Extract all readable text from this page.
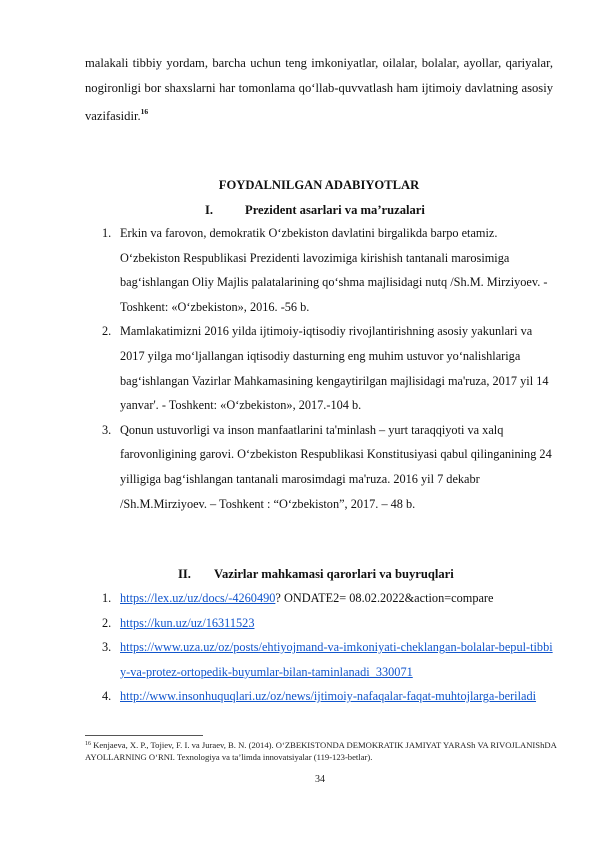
malakali tibbiy yordam, barcha uchun teng imkoniyatlar, oilalar, bolalar, ayollar, qariyalar, nogironligi bor shaxslarni har tomonlama qo‘llab-quvvatlash ham ijtimoiy davlatning asosiy vazifasidir.$^{16}$

FOYDALNILGAN ADABIYOTLAR
I.	Prezident asarlari va ma’ruzalari
1. Erkin va farovon, demokratik O‘zbekiston davlatini birgalikda barpo etamiz. O‘zbekiston Respublikasi Prezidenti lavozimiga kirishish tantanali marosimiga bag‘ishlangan Oliy Majlis palatalarining qo‘shma majlisidagi nutq /Sh.M. Mirziyoev. - Toshkent: «O‘zbekiston», 2016. -56 b.
2. Mamlakatimizni 2016 yilda ijtimoiy-iqtisodiy rivojlantirishning asosiy yakunlari va 2017 yilga mo‘ljallangan iqtisodiy dasturning eng muhim ustuvor yo‘nalishlariga bag‘ishlangan Vazirlar Mahkamasining kengaytirilgan majlisidagi ma'ruza, 2017 yil 14 yanvar'. - Toshkent: «O‘zbekiston», 2017.-104 b.
3. Qonun ustuvorligi va inson manfaatlarini ta'minlash – yurt taraqqiyoti va xalq farovonligining garovi. O‘zbekiston Respublikasi Konstitusiyasi qabul qilinganining 24 yilligiga bag‘ishlangan tantanali marosimdagi ma'ruza. 2016 yil 7 dekabr /Sh.M.Mirziyoev. – Toshkent : “O‘zbekiston”, 2017. – 48 b.
II. Vazirlar mahkamasi qarorlari va buyruqlari
1. https://lex.uz/uz/docs/-4260490? ONDATE2= 08.02.2022&action=compare
2. https://kun.uz/uz/16311523
3. https://www.uza.uz/oz/posts/ehtiyojmand-va-imkoniyati-cheklangan-bolalar-bepul-tibbiy-va-protez-ortopedik-buyumlar-bilan-taminlanadi_330071
4. http://www.insonhuquqlari.uz/oz/news/ijtimoiy-nafaqalar-faqat-muhtojlarga-beriladi
$^{16}$ Kenjaeva, X. P., Tojiev, F. I. va Juraev, B. N. (2014). O‘ZBEKISTONDA DEMOKRATIK JAMIYAT YARASh VA RIVOJLANIShDA AYOLLARNING O‘RNI. Texnologiya va ta’limda innovatsiyalar (119-123-betlar).
34
